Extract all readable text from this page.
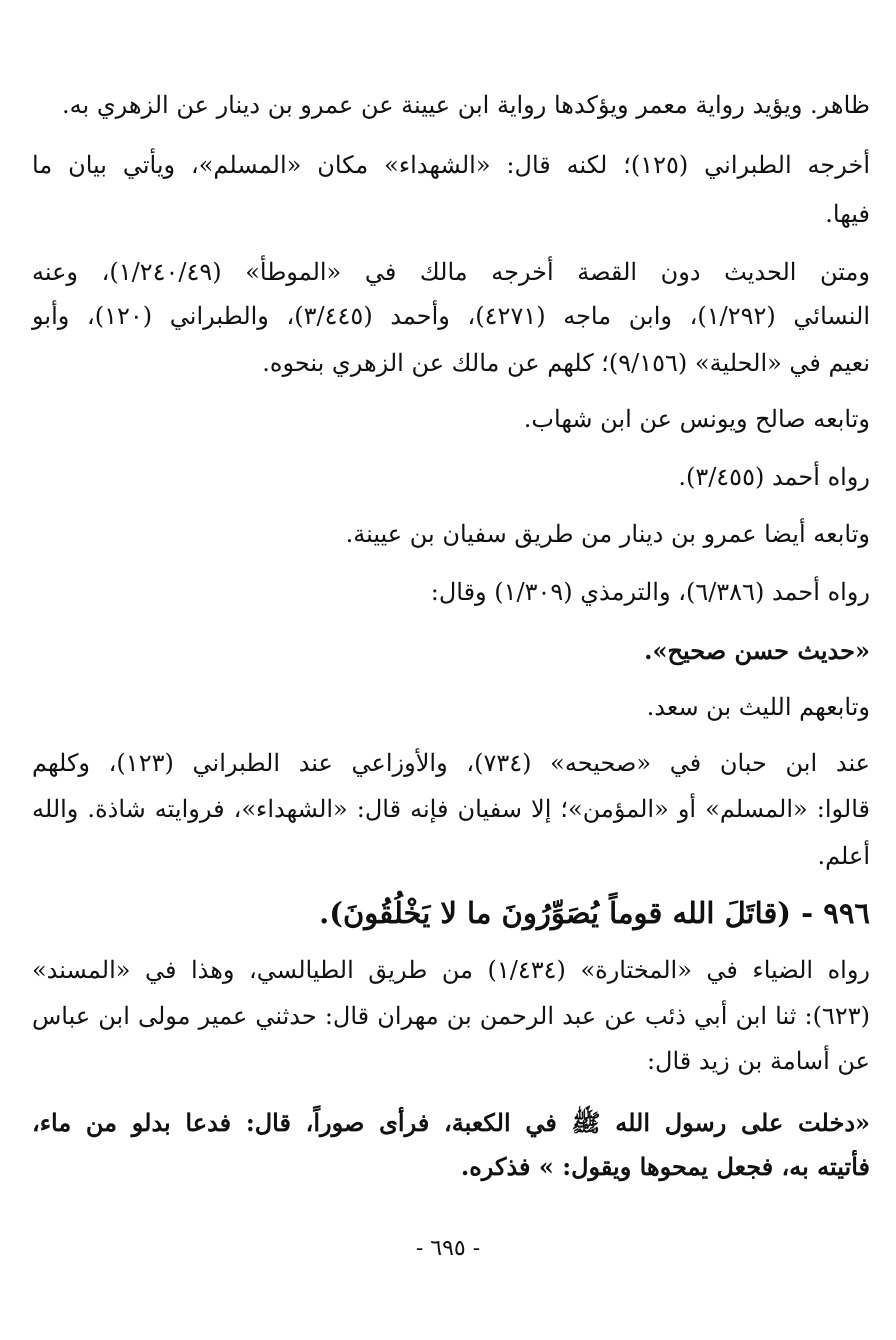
ظاهر. ويؤيد رواية معمر ويؤكدها رواية ابن عيينة عن عمرو بن دينار عن الزهري به.
أخرجه الطبراني (١٢٥)؛ لكنه قال: «الشهداء» مكان «المسلم»، ويأتي بيان ما
فيها.
ومتن الحديث دون القصة أخرجه مالك في «الموطأ» (١/٢٤٠/٤٩)، وعنه
النسائي (١/٢٩٢)، وابن ماجه (٤٢٧١)، وأحمد (٣/٤٤٥)، والطبراني (١٢٠)، وأبو
نعيم في «الحلية» (٩/١٥٦)؛ كلهم عن مالك عن الزهري بنحوه.
وتابعه صالح ويونس عن ابن شهاب.
رواه أحمد (٣/٤٥٥).
وتابعه أيضا عمرو بن دينار من طريق سفيان بن عيينة.
رواه أحمد (٦/٣٨٦)، والترمذي (١/٣٠٩) وقال:
«حديث حسن صحيح».
وتابعهم الليث بن سعد.
عند ابن حبان في «صحيحه» (٧٣٤)، والأوزاعي عند الطبراني (١٢٣)، وكلهم
قالوا: «المسلم» أو «المؤمن»؛ إلا سفيان فإنه قال: «الشهداء»، فروايته شاذة. والله
أعلم.
٩٩٦ - (قاتَلَ الله قوماً يُصَوِّرُونَ ما لا يَخْلُقُونَ).
رواه الضياء في «المختارة» (١/٤٣٤) من طريق الطيالسي، وهذا في «المسند»
(٦٢٣): ثنا ابن أبي ذئب عن عبد الرحمن بن مهران قال: حدثني عمير مولى ابن عباس
عن أسامة بن زيد قال:
«دخلت على رسول الله ﷺ في الكعبة، فرأى صوراً، قال: فدعا بدلو من ماء،
فأتيته به، فجعل يمحوها ويقول: » فذكره.
- ٦٩٥ -
